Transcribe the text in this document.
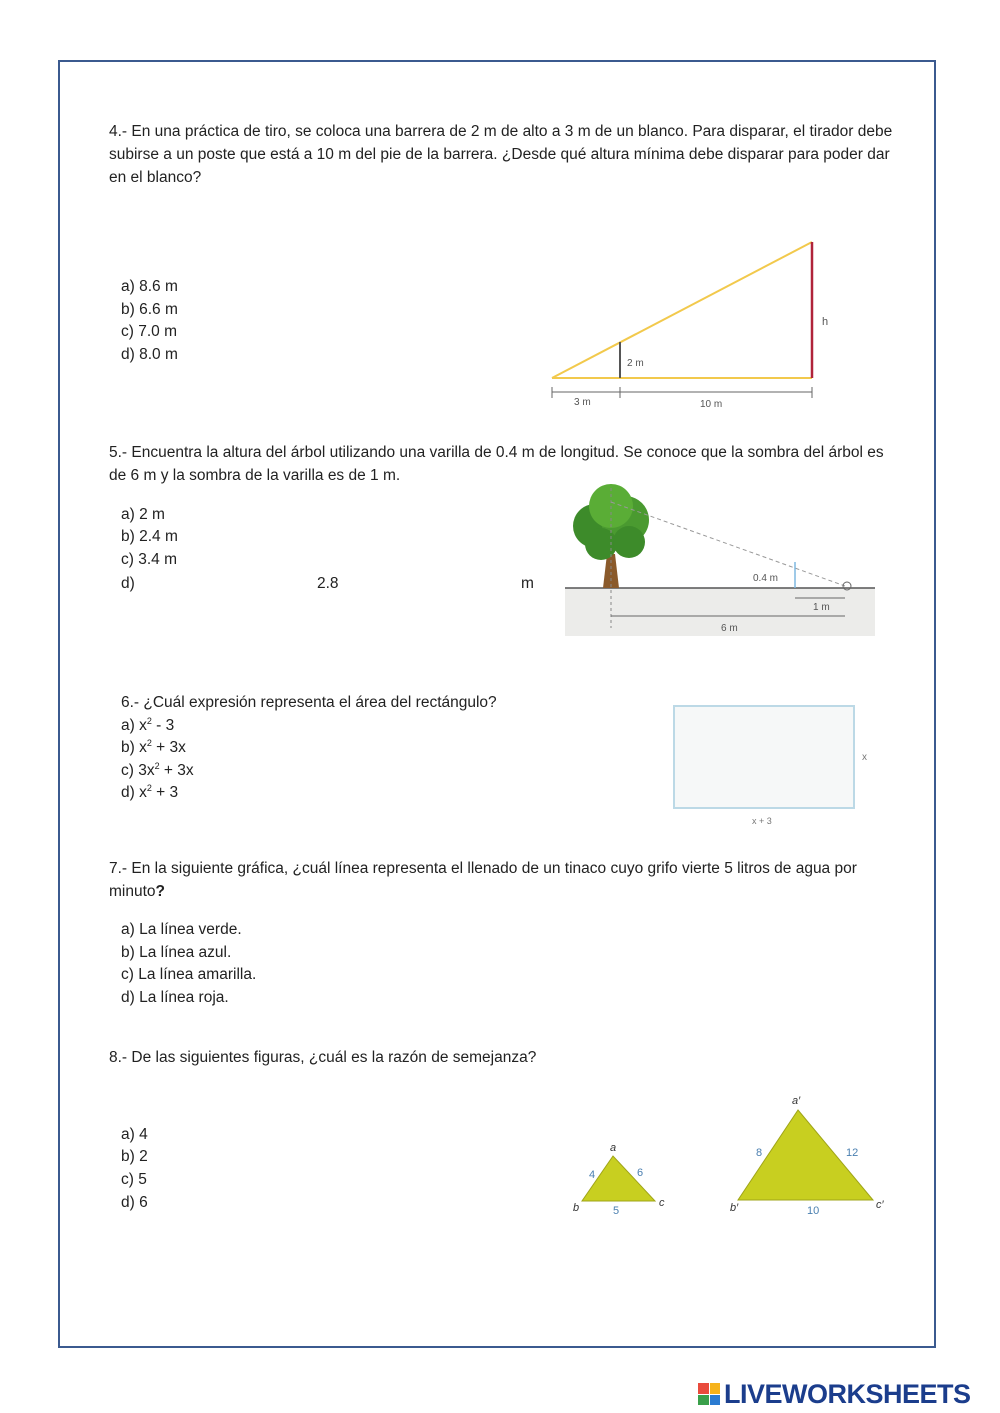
4.- En una práctica de tiro, se coloca una barrera de 2 m de alto a 3 m de un blanco. Para disparar, el tirador debe subirse a un poste que está a 10 m del pie de la barrera. ¿Desde qué altura mínima debe disparar para poder dar en el blanco?
a) 8.6 m
b) 6.6 m
c) 7.0 m
d) 8.0 m
2 m
h
3 m	10 m
5.- Encuentra la altura del árbol utilizando una varilla de 0.4 m de longitud. Se conoce que la sombra del árbol es de 6 m y la sombra de la varilla es de 1 m.
a) 2 m
b) 2.4 m
c) 3.4 m
d)	2.8	m	0.4 m
1 m
6 m
6.- ¿Cuál expresión representa el área del rectángulo?
a) $x^2 - 3$
b) $x^2 + 3x$
c) $3x^2 + 3x$
d) $x^2 + 3$
x
x + 3
7.- En la siguiente gráfica, ¿cuál línea representa el llenado de un tinaco cuyo grifo vierte 5 litros de agua por minuto?
a) La línea verde.
b) La línea azul.
c) La línea amarilla.
d) La línea roja.
8.- De las siguientes figuras, ¿cuál es la razón de semejanza?
a) 4
b) 2
c) 5
d) 6
a
b	c
4	6
5
a′
b′	c′
8	12
10
LIVEWORKSHEETS
